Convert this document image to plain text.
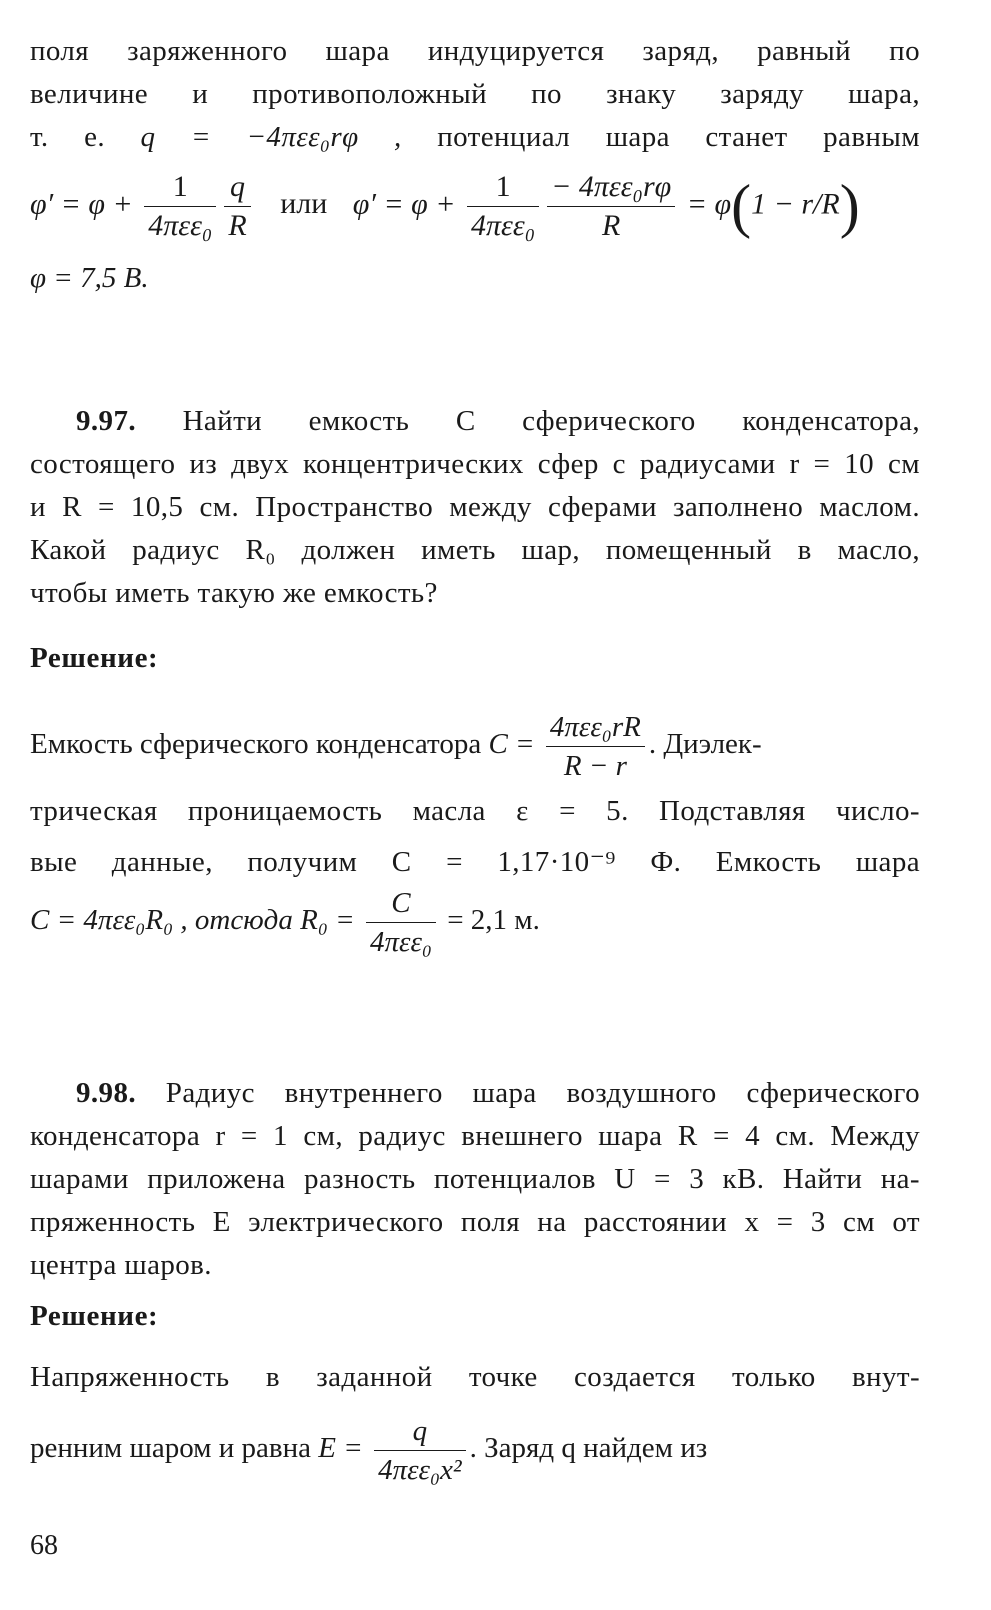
поля заряженного шара индуцируется заряд, равный по
величине и противоположный по знаку заряду шара,
т. е. q = −4πεε₀rφ , потенциал шара станет равным
$\varphi' = \varphi + \frac{1}{\text{4πεε₀}} \frac{q}{R}$ или $\varphi' = \varphi + \frac{1}{\text{4πεε₀}} \frac{\text{− 4πεε₀rφ}}{R} = \varphi(1 - r/R)$
φ = 7,5 В.
9.97. Найти емкость C сферического конденсатора,
состоящего из двух концентрических сфер с радиусами r = 10 см
и R = 10,5 см. Пространство между сферами заполнено маслом.
Какой радиус R₀ должен иметь шар, помещенный в масло,
чтобы иметь такую же емкость?
Решение:
Емкость сферического конденсатора $C = \frac{\text{4πεε₀rR}}{R - r}$ . Диэлек-
трическая проницаемость масла ε = 5. Подставляя число-
вые данные, получим C = 1,17·10⁻⁹ Ф. Емкость шара
C = 4πεε₀R₀ , отсюда $R_0 = \frac{C}{\text{4πεε₀}} = 2,1$ м.
9.98. Радиус внутреннего шара воздушного сферического
конденсатора r = 1 см, радиус внешнего шара R = 4 см. Между
шарами приложена разность потенциалов U = 3 кВ. Найти на-
пряженность E электрического поля на расстоянии x = 3 см от
центра шаров.
Решение:
Напряженность в заданной точке создается только внут-
ренним шаром и равна $E = \frac{q}{\text{4πεε₀x²}}$ . Заряд q найдем из
68
